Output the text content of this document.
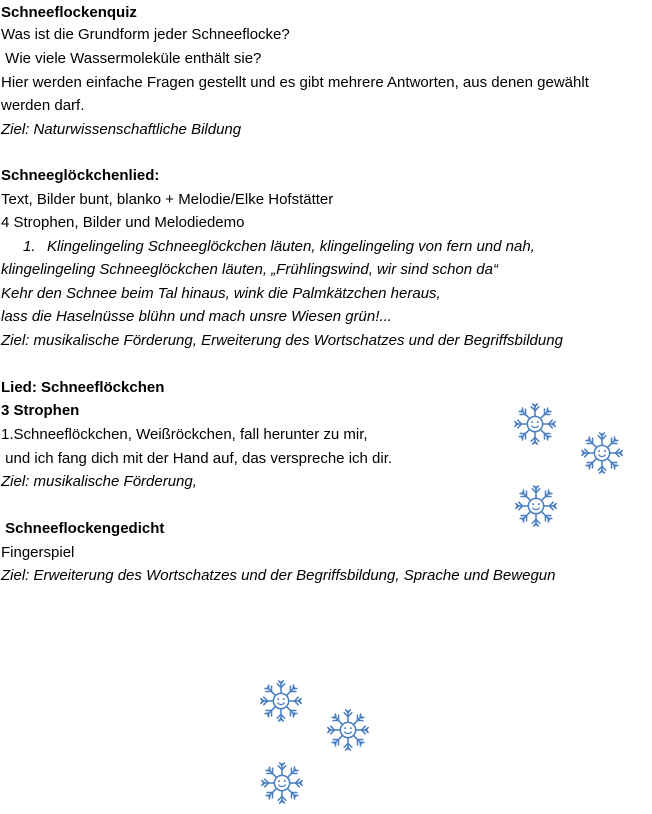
Schneeflockenquiz
Was ist die Grundform jeder Schneeflocke?
Wie viele Wassermoleküle enthält sie?
Hier werden einfache Fragen gestellt und es gibt mehrere Antworten, aus denen gewählt
werden darf.
Ziel: Naturwissenschaftliche Bildung
Schneeglöckchenlied:
Text, Bilder bunt, blanko + Melodie/Elke Hofstätter
4 Strophen, Bilder und Melodiedemo
1. Klingelingeling Schneeglöckchen läuten, klingelingeling von fern und nah,
klingelingeling Schneeglöckchen läuten, „Frühlingswind, wir sind schon da“
Kehr den Schnee beim Tal hinaus, wink die Palmkätzchen heraus,
lass die Haselnüsse blühn und mach unsre Wiesen grün!...
Ziel: musikalische Förderung, Erweiterung des Wortschatzes und der Begriffsbildung
Lied: Schneeflöckchen
3 Strophen
1.Schneeflöckchen, Weißröckchen, fall herunter zu mir,
und ich fang dich mit der Hand auf, das verspreche ich dir.
Ziel: musikalische Förderung,
Schneeflockengedicht
Fingerspiel
Ziel: Erweiterung des Wortschatzes und der Begriffsbildung, Sprache und Bewegun
